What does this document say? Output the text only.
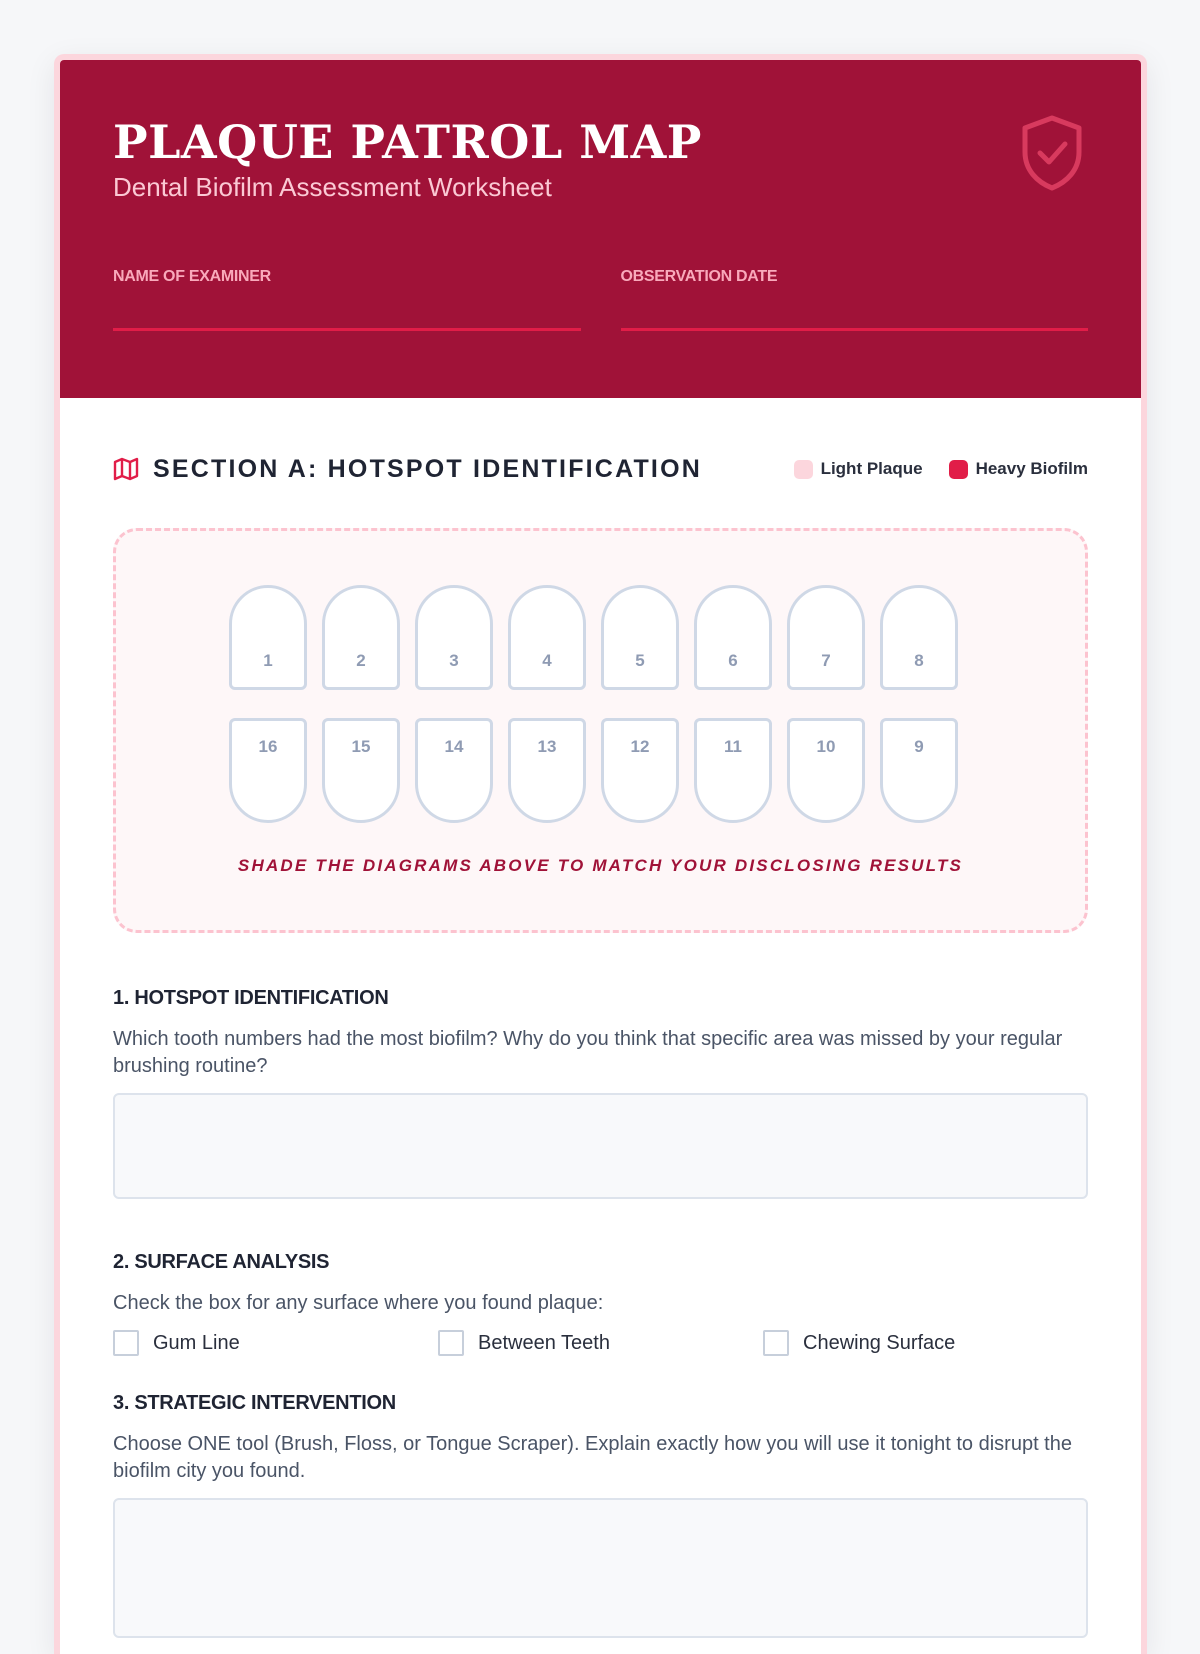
PLAQUE PATROL MAP
Dental Biofilm Assessment Worksheet
NAME OF EXAMINER	OBSERVATION DATE
SECTION A: HOTSPOT IDENTIFICATION	Light Plaque	Heavy Biofilm
1	2	3	4	5	6	7	8
16	15	14	13	12	11	10	9
SHADE THE DIAGRAMS ABOVE TO MATCH YOUR DISCLOSING RESULTS
1. HOTSPOT IDENTIFICATION
Which tooth numbers had the most biofilm? Why do you think that specific area was missed by your regular brushing routine?
2. SURFACE ANALYSIS
Check the box for any surface where you found plaque:
Gum Line	Between Teeth	Chewing Surface
3. STRATEGIC INTERVENTION
Choose ONE tool (Brush, Floss, or Tongue Scraper). Explain exactly how you will use it tonight to disrupt the biofilm city you found.
